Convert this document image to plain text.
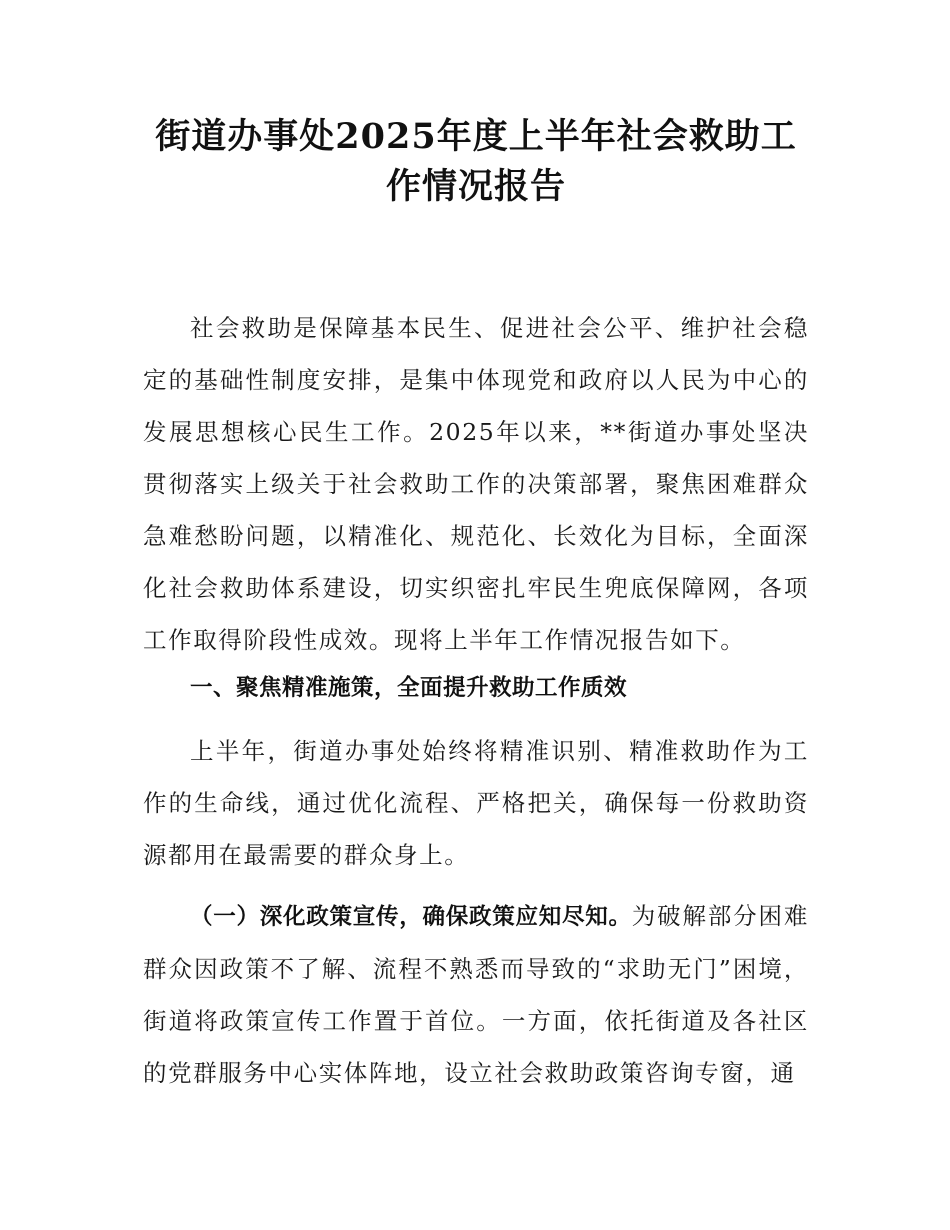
街道办事处2025年度上半年社会救助工作情况报告

社会救助是保障基本民生、促进社会公平、维护社会稳定的基础性制度安排，是集中体现党和政府以人民为中心的发展思想核心民生工作。2025年以来，**街道办事处坚决贯彻落实上级关于社会救助工作的决策部署，聚焦困难群众急难愁盼问题，以精准化、规范化、长效化为目标，全面深化社会救助体系建设，切实织密扎牢民生兜底保障网，各项工作取得阶段性成效。现将上半年工作情况报告如下。

一、聚焦精准施策，全面提升救助工作质效

上半年，街道办事处始终将精准识别、精准救助作为工作的生命线，通过优化流程、严格把关，确保每一份救助资源都用在最需要的群众身上。

（一）深化政策宣传，确保政策应知尽知。为破解部分困难群众因政策不了解、流程不熟悉而导致的“求助无门”困境，街道将政策宣传工作置于首位。一方面，依托街道及各社区的党群服务中心实体阵地，设立社会救助政策咨询专窗，通
